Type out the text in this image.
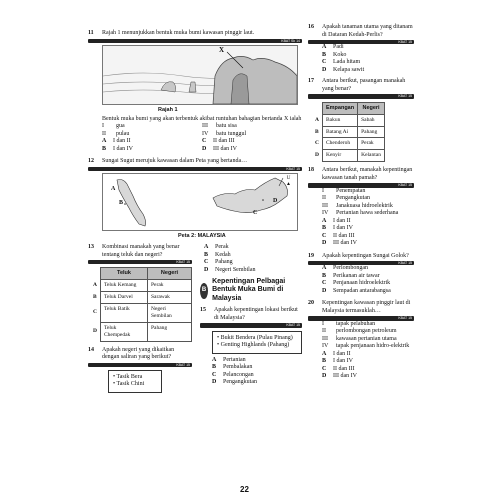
11	Rajah 1 menunjukkan bentuk muka bumi kawasan pinggir laut.
KBAT Sk 14
X
Rajah 1
Bentuk muka bumi yang akan terbentuk akibat runtuhan bahagian bertanda X ialah
I	gua	III	batu sisa
II	pulau	IV	batu tunggul
A I dan II	C II dan III
B	I dan IV	D III dan IV
12	Sungai Sugut merujuk kawasan dalam Peta yang bertanda…
KBAT 15
A
B
C
D
U
▲
Peta 2: MALAYSIA
13	Kombinasi manakah yang benar tentang teluk dan negeri?
KBAT 15
	Teluk	Negeri
A	Teluk Kemang	Perak
B	Teluk Darvel	Sarawak
C	Teluk Batik	Negeri Sembilan
D	Teluk Chempedak	Pahang
14	Apakah negeri yang dikaitkan dengan saliran yang berikut?
KBAT 15
• Tasik Bera
• Tasik Chini
A Perak
B	Kedah
C Pahang
D Negeri Sembilan
B
Kepentingan Pelbagai Bentuk Muka Bumi di Malaysia
15	Apakah kepentingan lokasi berikut di Malaysia?
KBAT 15
• Bukit Bendera (Pulau Pinang)
• Genting Highlands (Pahang)
A Pertanian
B	Pembalakan
C Pelancongan
D Pengangkutan
16	Apakah tanaman utama yang ditanam di Dataran Kedah-Perlis?
KBAT 15
A Padi
B	Koko
C Lada hitam
D Kelapa sawit
17	Antara berikut, pasangan manakah yang benar?
KBAT 15
	Empangan	Negeri
A	Bakun	Sabah
B	Batang Ai	Pahang
C	Chenderoh	Perak
D	Kenyir	Kelantan
18	Antara berikut, manakah kepentingan kawasan tanah pamah?
KBAT 15
I	Penempatan
II	Pengangkutan
III	Janakuasa hidroelektrik
IV	Pertanian hawa sederhana
A I dan II
B	I dan IV
C II dan III
D III dan IV
19	Apakah kepentingan Sungai Golok?
KBAT 15
A Perlombongan
B	Perikanan air tawar
C Penjanaan hidroelektrik
D Sempadan antarabangsa
20	Kepentingan kawasan pinggir laut di Malaysia termasuklah…
KBAT 15
I	tapak pelabuhan
II	perlombongan petroleum
III	kawasan pertanian utama
IV	tapak penjanaan hidro-elektrik
A I dan II
B	I dan IV
C II dan III
D III dan IV
22
